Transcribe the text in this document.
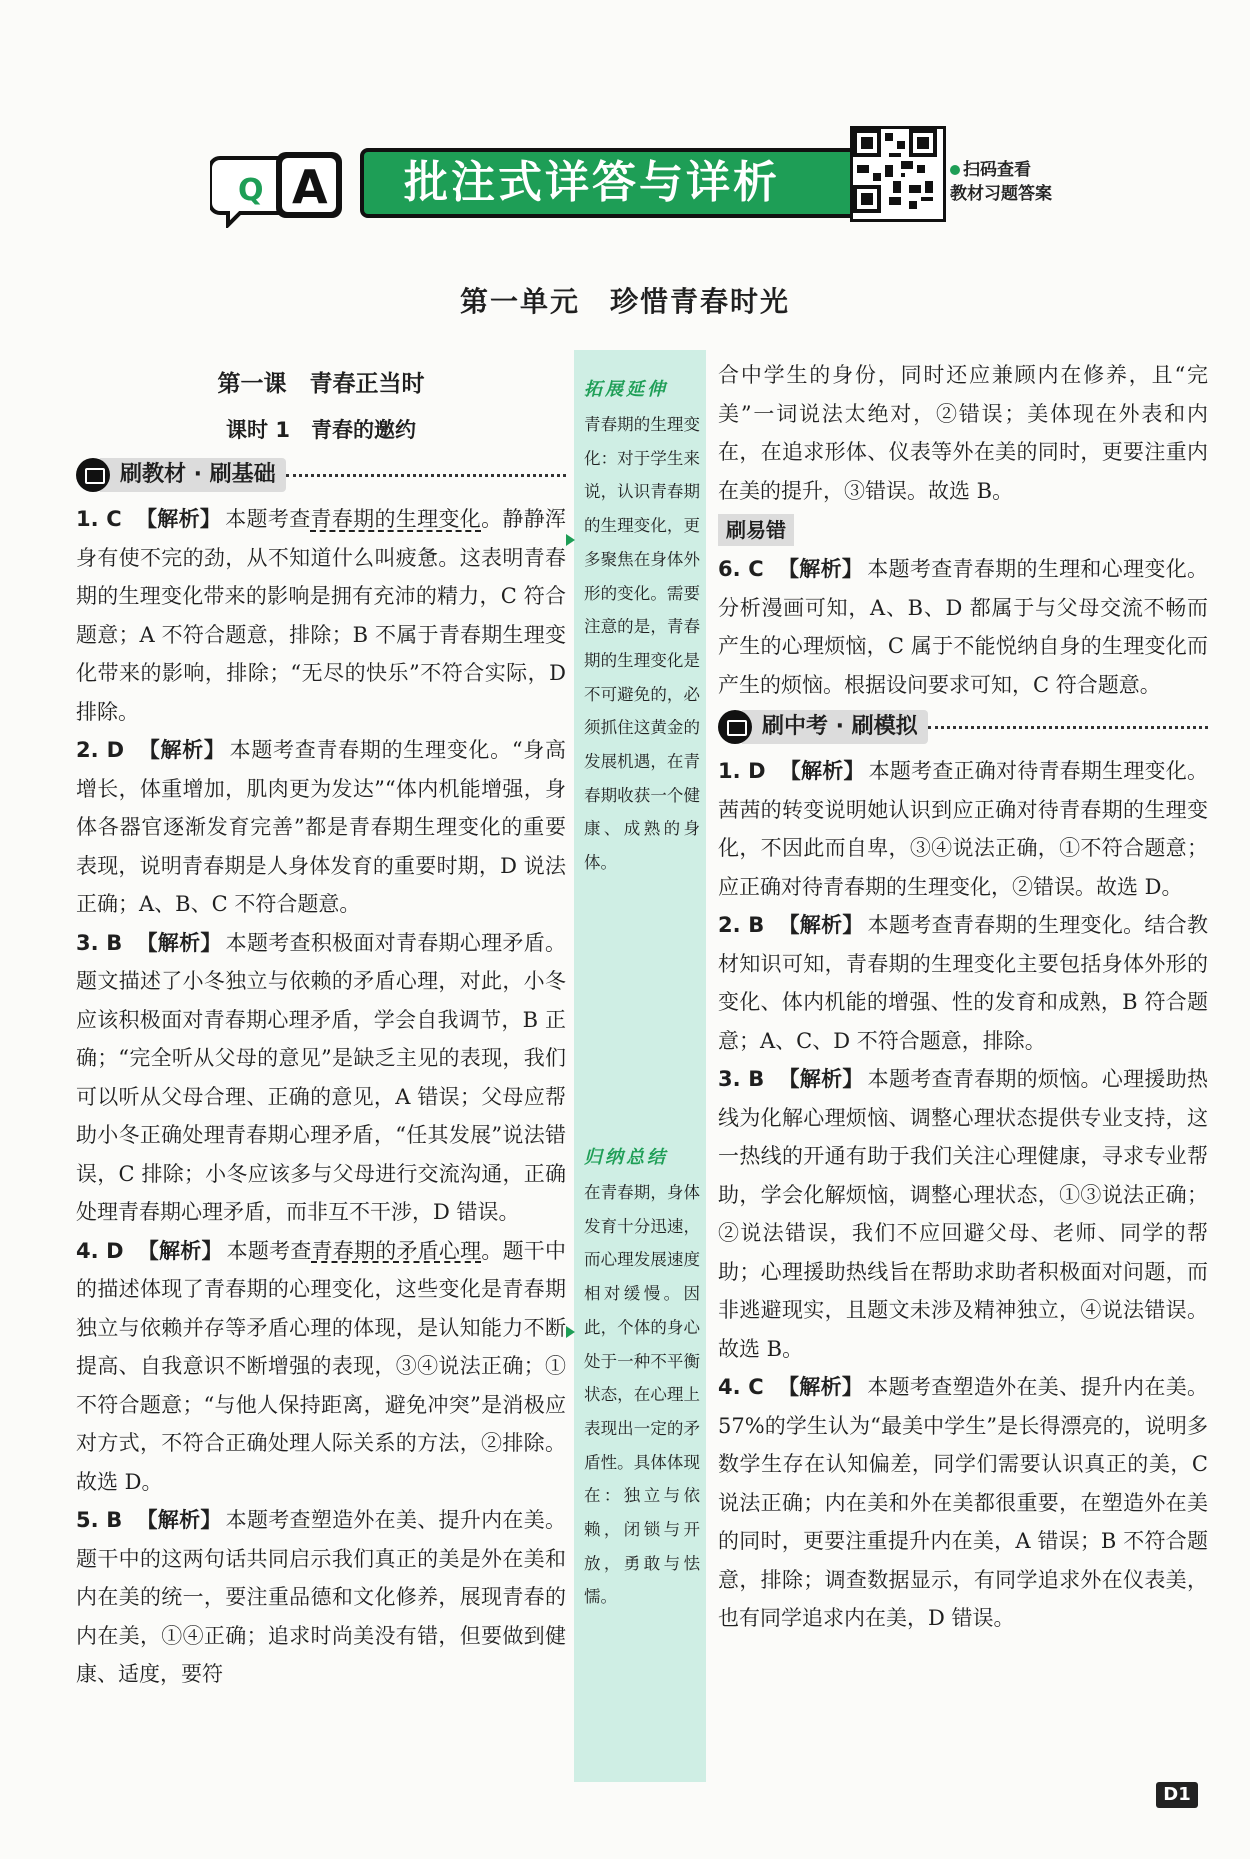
Q A	批注式详答与详析	扫码查看
教材习题答案
第一单元　珍惜青春时光
第一课　青春正当时
课时 1　青春的邀约
刷教材 · 刷基础
1. C 【解析】 本题考查青春期的生理变化。静静浑身有使不完的劲，从不知道什么叫疲惫。这表明青春期的生理变化带来的影响是拥有充沛的精力，C 符合题意；A 不符合题意，排除；B 不属于青春期生理变化带来的影响，排除；“无尽的快乐”不符合实际，D 排除。
2. D 【解析】 本题考查青春期的生理变化。“身高增长，体重增加，肌肉更为发达”“体内机能增强，身体各器官逐渐发育完善”都是青春期生理变化的重要表现，说明青春期是人身体发育的重要时期，D 说法正确；A、B、C 不符合题意。
3. B 【解析】 本题考查积极面对青春期心理矛盾。题文描述了小冬独立与依赖的矛盾心理，对此，小冬应该积极面对青春期心理矛盾，学会自我调节，B 正确；“完全听从父母的意见”是缺乏主见的表现，我们可以听从父母合理、正确的意见，A 错误；父母应帮助小冬正确处理青春期心理矛盾，“任其发展”说法错误，C 排除；小冬应该多与父母进行交流沟通，正确处理青春期心理矛盾，而非互不干涉，D 错误。
4. D 【解析】 本题考查青春期的矛盾心理。题干中的描述体现了青春期的心理变化，这些变化是青春期独立与依赖并存等矛盾心理的体现，是认知能力不断提高、自我意识不断增强的表现，③④说法正确；①不符合题意；“与他人保持距离，避免冲突”是消极应对方式，不符合正确处理人际关系的方法，②排除。故选 D。
5. B 【解析】 本题考查塑造外在美、提升内在美。题干中的这两句话共同启示我们真正的美是外在美和内在美的统一，要注重品德和文化修养，展现青春的内在美，①④正确；追求时尚美没有错，但要做到健康、适度，要符
拓展延伸
青春期的生理变化：对于学生来说，认识青春期的生理变化，更多聚焦在身体外形的变化。需要注意的是，青春期的生理变化是不可避免的，必须抓住这黄金的发展机遇，在青春期收获一个健康、成熟的身体。
归纳总结
在青春期，身体发育十分迅速，而心理发展速度相对缓慢。因此，个体的身心处于一种不平衡状态，在心理上表现出一定的矛盾性。具体体现在：独立与依赖，闭锁与开放，勇敢与怯懦。
合中学生的身份，同时还应兼顾内在修养，且“完美”一词说法太绝对，②错误；美体现在外表和内在，在追求形体、仪表等外在美的同时，更要注重内在美的提升，③错误。故选 B。
刷易错
6. C 【解析】 本题考查青春期的生理和心理变化。分析漫画可知，A、B、D 都属于与父母交流不畅而产生的心理烦恼，C 属于不能悦纳自身的生理变化而产生的烦恼。根据设问要求可知，C 符合题意。
刷中考 · 刷模拟
1. D 【解析】 本题考查正确对待青春期生理变化。茜茜的转变说明她认识到应正确对待青春期的生理变化，不因此而自卑，③④说法正确，①不符合题意；应正确对待青春期的生理变化，②错误。故选 D。
2. B 【解析】 本题考查青春期的生理变化。结合教材知识可知，青春期的生理变化主要包括身体外形的变化、体内机能的增强、性的发育和成熟，B 符合题意；A、C、D 不符合题意，排除。
3. B 【解析】 本题考查青春期的烦恼。心理援助热线为化解心理烦恼、调整心理状态提供专业支持，这一热线的开通有助于我们关注心理健康，寻求专业帮助，学会化解烦恼，调整心理状态，①③说法正确；②说法错误，我们不应回避父母、老师、同学的帮助；心理援助热线旨在帮助求助者积极面对问题，而非逃避现实，且题文未涉及精神独立，④说法错误。故选 B。
4. C 【解析】 本题考查塑造外在美、提升内在美。57%的学生认为“最美中学生”是长得漂亮的，说明多数学生存在认知偏差，同学们需要认识真正的美，C 说法正确；内在美和外在美都很重要，在塑造外在美的同时，更要注重提升内在美，A 错误；B 不符合题意，排除；调查数据显示，有同学追求外在仪表美，也有同学追求内在美，D 错误。
D1
